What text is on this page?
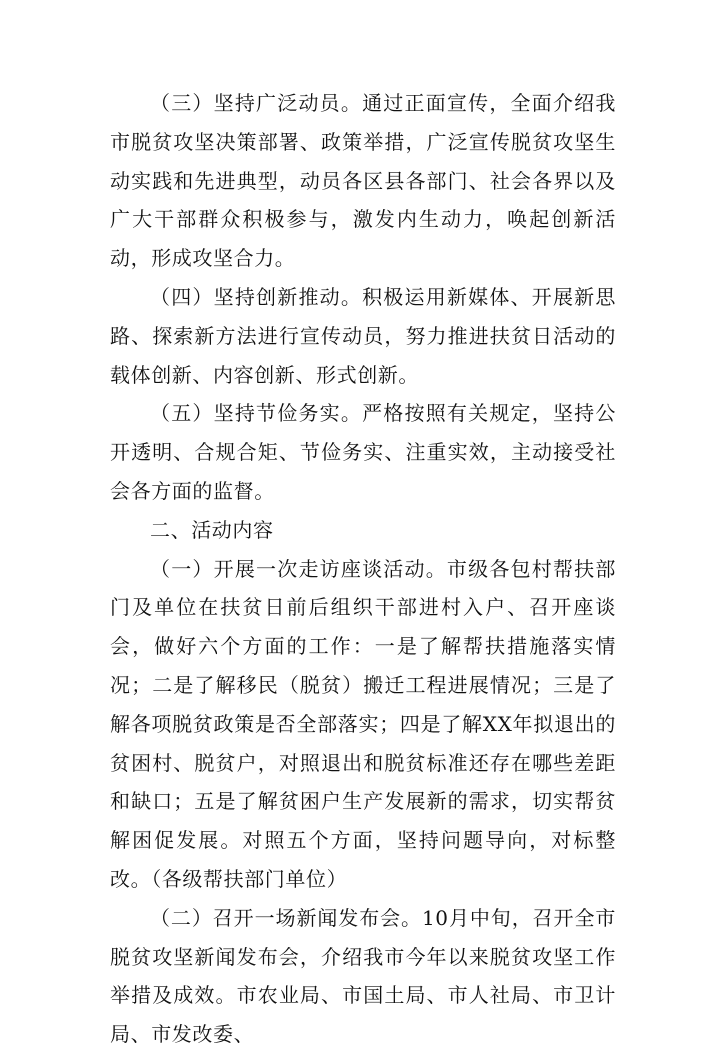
（三）坚持广泛动员。通过正面宣传，全面介绍我市脱贫攻坚决策部署、政策举措，广泛宣传脱贫攻坚生动实践和先进典型，动员各区县各部门、社会各界以及广大干部群众积极参与，激发内生动力，唤起创新活动，形成攻坚合力。

（四）坚持创新推动。积极运用新媒体、开展新思路、探索新方法进行宣传动员，努力推进扶贫日活动的载体创新、内容创新、形式创新。

（五）坚持节俭务实。严格按照有关规定，坚持公开透明、合规合矩、节俭务实、注重实效，主动接受社会各方面的监督。

二、活动内容

（一）开展一次走访座谈活动。市级各包村帮扶部门及单位在扶贫日前后组织干部进村入户、召开座谈会，做好六个方面的工作：一是了解帮扶措施落实情况；二是了解移民（脱贫）搬迁工程进展情况；三是了解各项脱贫政策是否全部落实；四是了解XX年拟退出的贫困村、脱贫户，对照退出和脱贫标准还存在哪些差距和缺口；五是了解贫困户生产发展新的需求，切实帮贫解困促发展。对照五个方面，坚持问题导向，对标整改。（各级帮扶部门单位）

（二）召开一场新闻发布会。10月中旬，召开全市脱贫攻坚新闻发布会，介绍我市今年以来脱贫攻坚工作举措及成效。市农业局、市国土局、市人社局、市卫计局、市发改委、
